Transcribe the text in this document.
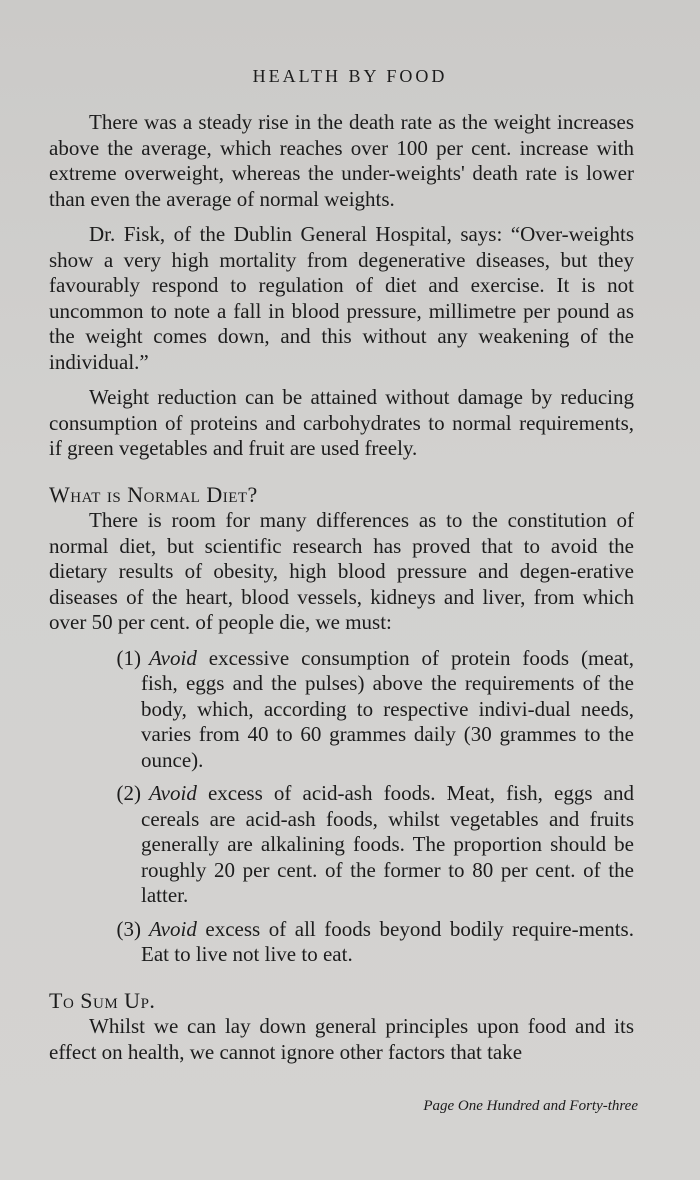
HEALTH BY FOOD

There was a steady rise in the death rate as the weight increases above the average, which reaches over 100 per cent. increase with extreme overweight, whereas the under-weights' death rate is lower than even the average of normal weights.

Dr. Fisk, of the Dublin General Hospital, says: “Over-weights show a very high mortality from degenerative diseases, but they favourably respond to regulation of diet and exercise. It is not uncommon to note a fall in blood pressure, millimetre per pound as the weight comes down, and this without any weakening of the individual.”

Weight reduction can be attained without damage by reducing consumption of proteins and carbohydrates to normal requirements, if green vegetables and fruit are used freely.

What is Normal Diet?

There is room for many differences as to the constitution of normal diet, but scientific research has proved that to avoid the dietary results of obesity, high blood pressure and degen-erative diseases of the heart, blood vessels, kidneys and liver, from which over 50 per cent. of people die, we must:

(1) Avoid excessive consumption of protein foods (meat, fish, eggs and the pulses) above the requirements of the body, which, according to respective indivi-dual needs, varies from 40 to 60 grammes daily (30 grammes to the ounce).
(2) Avoid excess of acid-ash foods. Meat, fish, eggs and cereals are acid-ash foods, whilst vegetables and fruits generally are alkalining foods. The proportion should be roughly 20 per cent. of the former to 80 per cent. of the latter.
(3) Avoid excess of all foods beyond bodily require-ments. Eat to live not live to eat.
To Sum Up.

Whilst we can lay down general principles upon food and its effect on health, we cannot ignore other factors that take

Page One Hundred and Forty-three
